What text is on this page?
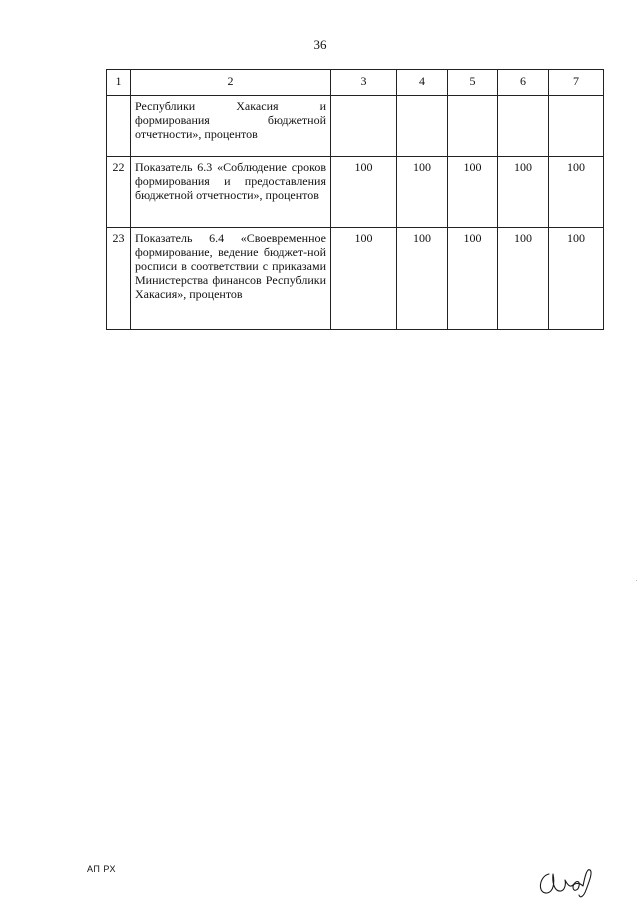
36
1	2	3	4	5	6	7
	Республики Хакасия и формирования бюджетной отчетности», процентов					
22	Показатель 6.3 «Соблюдение сроков формирования и предоставления бюджетной отчетности», процентов	100	100	100	100	100
23	Показатель 6.4 «Своевременное формирование, ведение бюджет-ной росписи в соответствии с приказами Министерства финансов Республики Хакасия», процентов	100	100	100	100	100
АП РХ
